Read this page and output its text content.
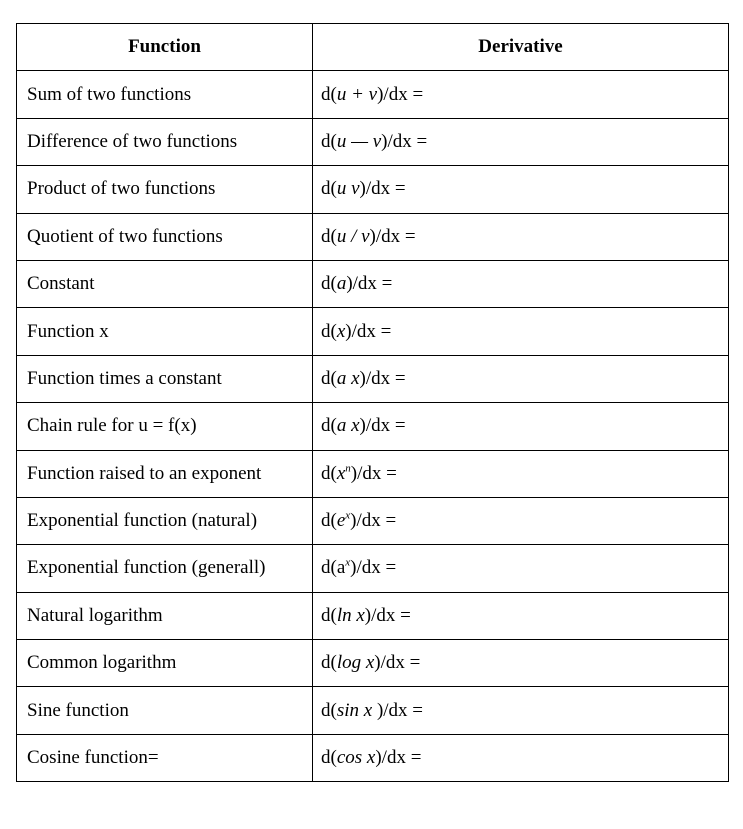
Function	Derivative
Sum of two functions	d(u + v)/dx =
Difference of two functions	d(u — v)/dx =
Product of two functions	d(u v)/dx =
Quotient of two functions	d(u / v)/dx =
Constant	d(a)/dx =
Function x	d(x)/dx =
Function times a constant	d(a x)/dx =
Chain rule for u = f(x)	d(a x)/dx =
Function raised to an exponent	$d(x^n)/dx$ =
Exponential function (natural)	$d(e^x)/dx$ =
Exponential function (generall)	$d(a^x)/dx$ =
Natural logarithm	d(ln x)/dx =
Common logarithm	d(log x)/dx =
Sine function	d(sin x )/dx =
Cosine function=	d(cos x)/dx =
